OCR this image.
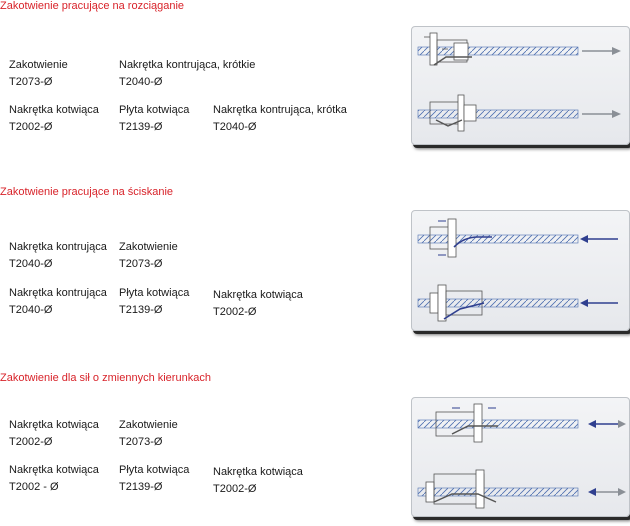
Zakotwienie pracujące na rozciąganie
Zakotwienie
T2073-Ø
Nakrętka kontrująca, krótkie
T2040-Ø
Nakrętka kotwiąca
T2002-Ø
Płyta kotwiąca
T2139-Ø
Nakrętka kontrująca, krótka
T2040-Ø
Zakotwienie pracujące na ściskanie
Nakrętka kontrująca
T2040-Ø
Zakotwienie
T2073-Ø
Nakrętka kontrująca
T2040-Ø
Płyta kotwiąca
T2139-Ø
Nakrętka kotwiąca
T2002-Ø
Zakotwienie dla sił o zmiennych kierunkach
Nakrętka kotwiąca
T2002-Ø
Zakotwienie
T2073-Ø
Nakrętka kotwiąca
T2002 - Ø
Płyta kotwiąca
T2139-Ø
Nakrętka kotwiąca
T2002-Ø
